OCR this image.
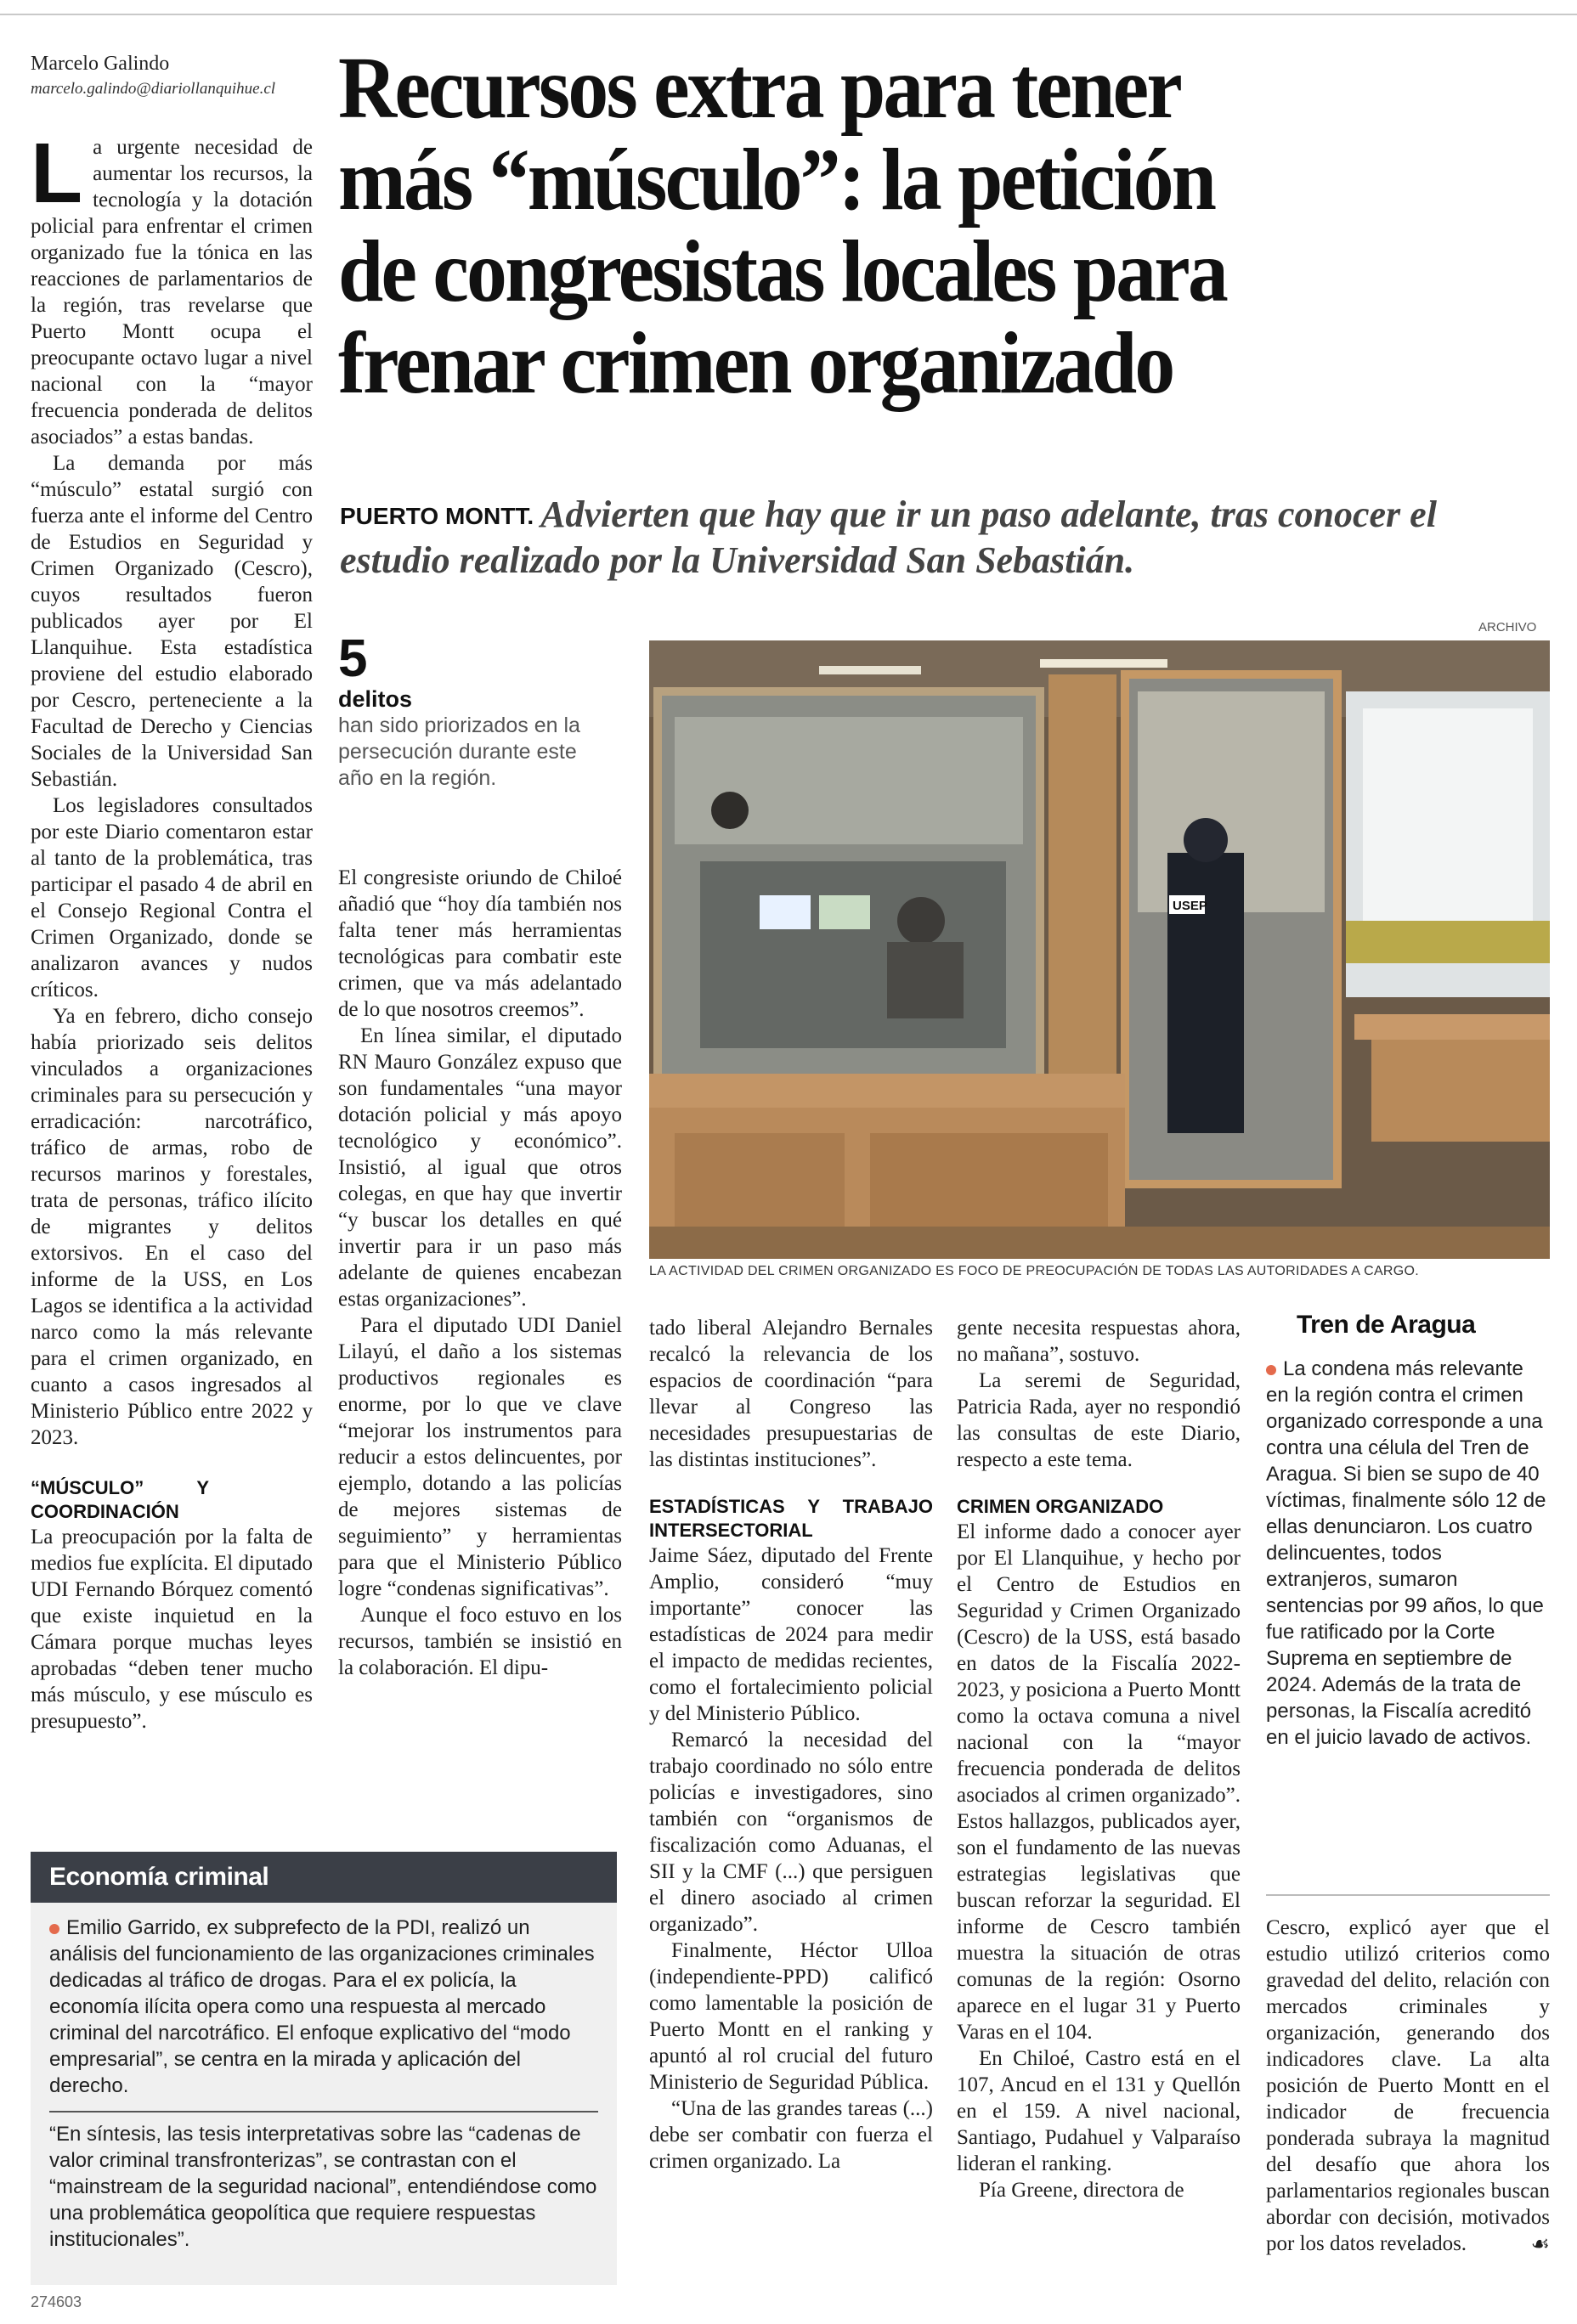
Marcelo Galindo
marcelo.galindo@diariollanquihue.cl Recursos extra para tener
más “músculo”: la petición
de congresistas locales para
frenar crimen organizado
PUERTO MONTT. Advierten que hay que ir un paso adelante, tras conocer el estudio realizado por la Universidad San Sebastián.

La urgente necesidad de aumentar los recursos, la tecnología y la dotación policial para enfrentar el crimen organizado fue la tónica en las reacciones de parlamentarios de la región, tras revelarse que Puerto Montt ocupa el preocupante octavo lugar a nivel nacional con la “mayor frecuencia ponderada de delitos asociados” a estas bandas.

La demanda por más “músculo” estatal surgió con fuerza ante el informe del Centro de Estudios en Seguridad y Crimen Organizado (Cescro), cuyos resultados fueron publicados ayer por El Llanquihue. Esta estadística proviene del estudio elaborado por Cescro, perteneciente a la Facultad de Derecho y Ciencias Sociales de la Universidad San Sebastián.

Los legisladores consultados por este Diario comentaron estar al tanto de la problemática, tras participar el pasado 4 de abril en el Consejo Regional Contra el Crimen Organizado, donde se analizaron avances y nudos críticos.

Ya en febrero, dicho consejo había priorizado seis delitos vinculados a organizaciones criminales para su persecución y erradicación: narcotráfico, tráfico de armas, robo de recursos marinos y forestales, trata de personas, tráfico ilícito de migrantes y delitos extorsivos. En el caso del informe de la USS, en Los Lagos se identifica a la actividad narco como la más relevante para el crimen organizado, en cuanto a casos ingresados al Ministerio Público entre 2022 y 2023.

“MÚSCULO” Y COORDINACIÓN

La preocupación por la falta de medios fue explícita. El diputado UDI Fernando Bórquez comentó que existe inquietud en la Cámara porque muchas leyes aprobadas “deben tener mucho más músculo, y ese músculo es presupuesto”.

5
delitos
han sido priorizados en la persecución durante este año en la región.
ARCHIVO
USEP
LA ACTIVIDAD DEL CRIMEN ORGANIZADO ES FOCO DE PREOCUPACIÓN DE TODAS LAS AUTORIDADES A CARGO.

El congresiste oriundo de Chiloé añadió que “hoy día también nos falta tener más herramientas tecnológicas para combatir este crimen, que va más adelantado de lo que nosotros creemos”.

En línea similar, el diputado RN Mauro González expuso que son fundamentales “una mayor dotación policial y más apoyo tecnológico y económico”. Insistió, al igual que otros colegas, en que hay que invertir “y buscar los detalles en qué invertir para ir un paso más adelante de quienes encabezan estas organizaciones”.

Para el diputado UDI Daniel Lilayú, el daño a los sistemas productivos regionales es enorme, por lo que ve clave “mejorar los instrumentos para reducir a estos delincuentes, por ejemplo, dotando a las policías de mejores sistemas de seguimiento” y herramientas para que el Ministerio Público logre “condenas significativas”.

Aunque el foco estuvo en los recursos, también se insistió en la colaboración. El dipu-

tado liberal Alejandro Bernales recalcó la relevancia de los espacios de coordinación “para llevar al Congreso las necesidades presupuestarias de las distintas instituciones”.

ESTADÍSTICAS Y TRABAJO INTERSECTORIAL

Jaime Sáez, diputado del Frente Amplio, consideró “muy importante” conocer las estadísticas de 2024 para medir el impacto de medidas recientes, como el fortalecimiento policial y del Ministerio Público.

Remarcó la necesidad del trabajo coordinado no sólo entre policías e investigadores, sino también con “organismos de fiscalización como Aduanas, el SII y la CMF (...) que persiguen el dinero asociado al crimen organizado”.

Finalmente, Héctor Ulloa (independiente-PPD) calificó como lamentable la posición de Puerto Montt en el ranking y apuntó al rol crucial del futuro Ministerio de Seguridad Pública.

“Una de las grandes tareas (...) debe ser combatir con fuerza el crimen organizado. La

gente necesita respuestas ahora, no mañana”, sostuvo.

La seremi de Seguridad, Patricia Rada, ayer no respondió las consultas de este Diario, respecto a este tema.

CRIMEN ORGANIZADO

El informe dado a conocer ayer por El Llanquihue, y hecho por el Centro de Estudios en Seguridad y Crimen Organizado (Cescro) de la USS, está basado en datos de la Fiscalía 2022-2023, y posiciona a Puerto Montt como la octava comuna a nivel nacional con la “mayor frecuencia ponderada de delitos asociados al crimen organizado”. Estos hallazgos, publicados ayer, son el fundamento de las nuevas estrategias legislativas que buscan reforzar la seguridad. El informe de Cescro también muestra la situación de otras comunas de la región: Osorno aparece en el lugar 31 y Puerto Varas en el 104.

En Chiloé, Castro está en el 107, Ancud en el 131 y Quellón en el 159. A nivel nacional, Santiago, Pudahuel y Valparaíso lideran el ranking.

Pía Greene, directora de

Tren de Aragua
La condena más relevante en la región contra el crimen organizado corresponde a una contra una célula del Tren de Aragua. Si bien se supo de 40 víctimas, finalmente sólo 12 de ellas denunciaron. Los cuatro delincuentes, todos extranjeros, sumaron sentencias por 99 años, lo que fue ratificado por la Corte Suprema en septiembre de 2024. Además de la trata de personas, la Fiscalía acreditó en el juicio lavado de activos.

Cescro, explicó ayer que el estudio utilizó criterios como gravedad del delito, relación con mercados criminales y organización, generando dos indicadores clave. La alta posición de Puerto Montt en el indicador de frecuencia ponderada subraya la magnitud del desafío que ahora los parlamentarios regionales buscan abordar con decisión, motivados por los datos revelados.	☙

Economía criminal
Emilio Garrido, ex subprefecto de la PDI, realizó un análisis del funcionamiento de las organizaciones criminales dedicadas al tráfico de drogas. Para el ex policía, la economía ilícita opera como una respuesta al mercado criminal del narcotráfico. El enfoque explicativo del “modo empresarial”, se centra en la mirada y aplicación del derecho.
“En síntesis, las tesis interpretativas sobre las “cadenas de valor criminal transfronterizas”, se contrastan con el “mainstream de la seguridad nacional”, entendiéndose como una problemática geopolítica que requiere respuestas institucionales”.
274603
